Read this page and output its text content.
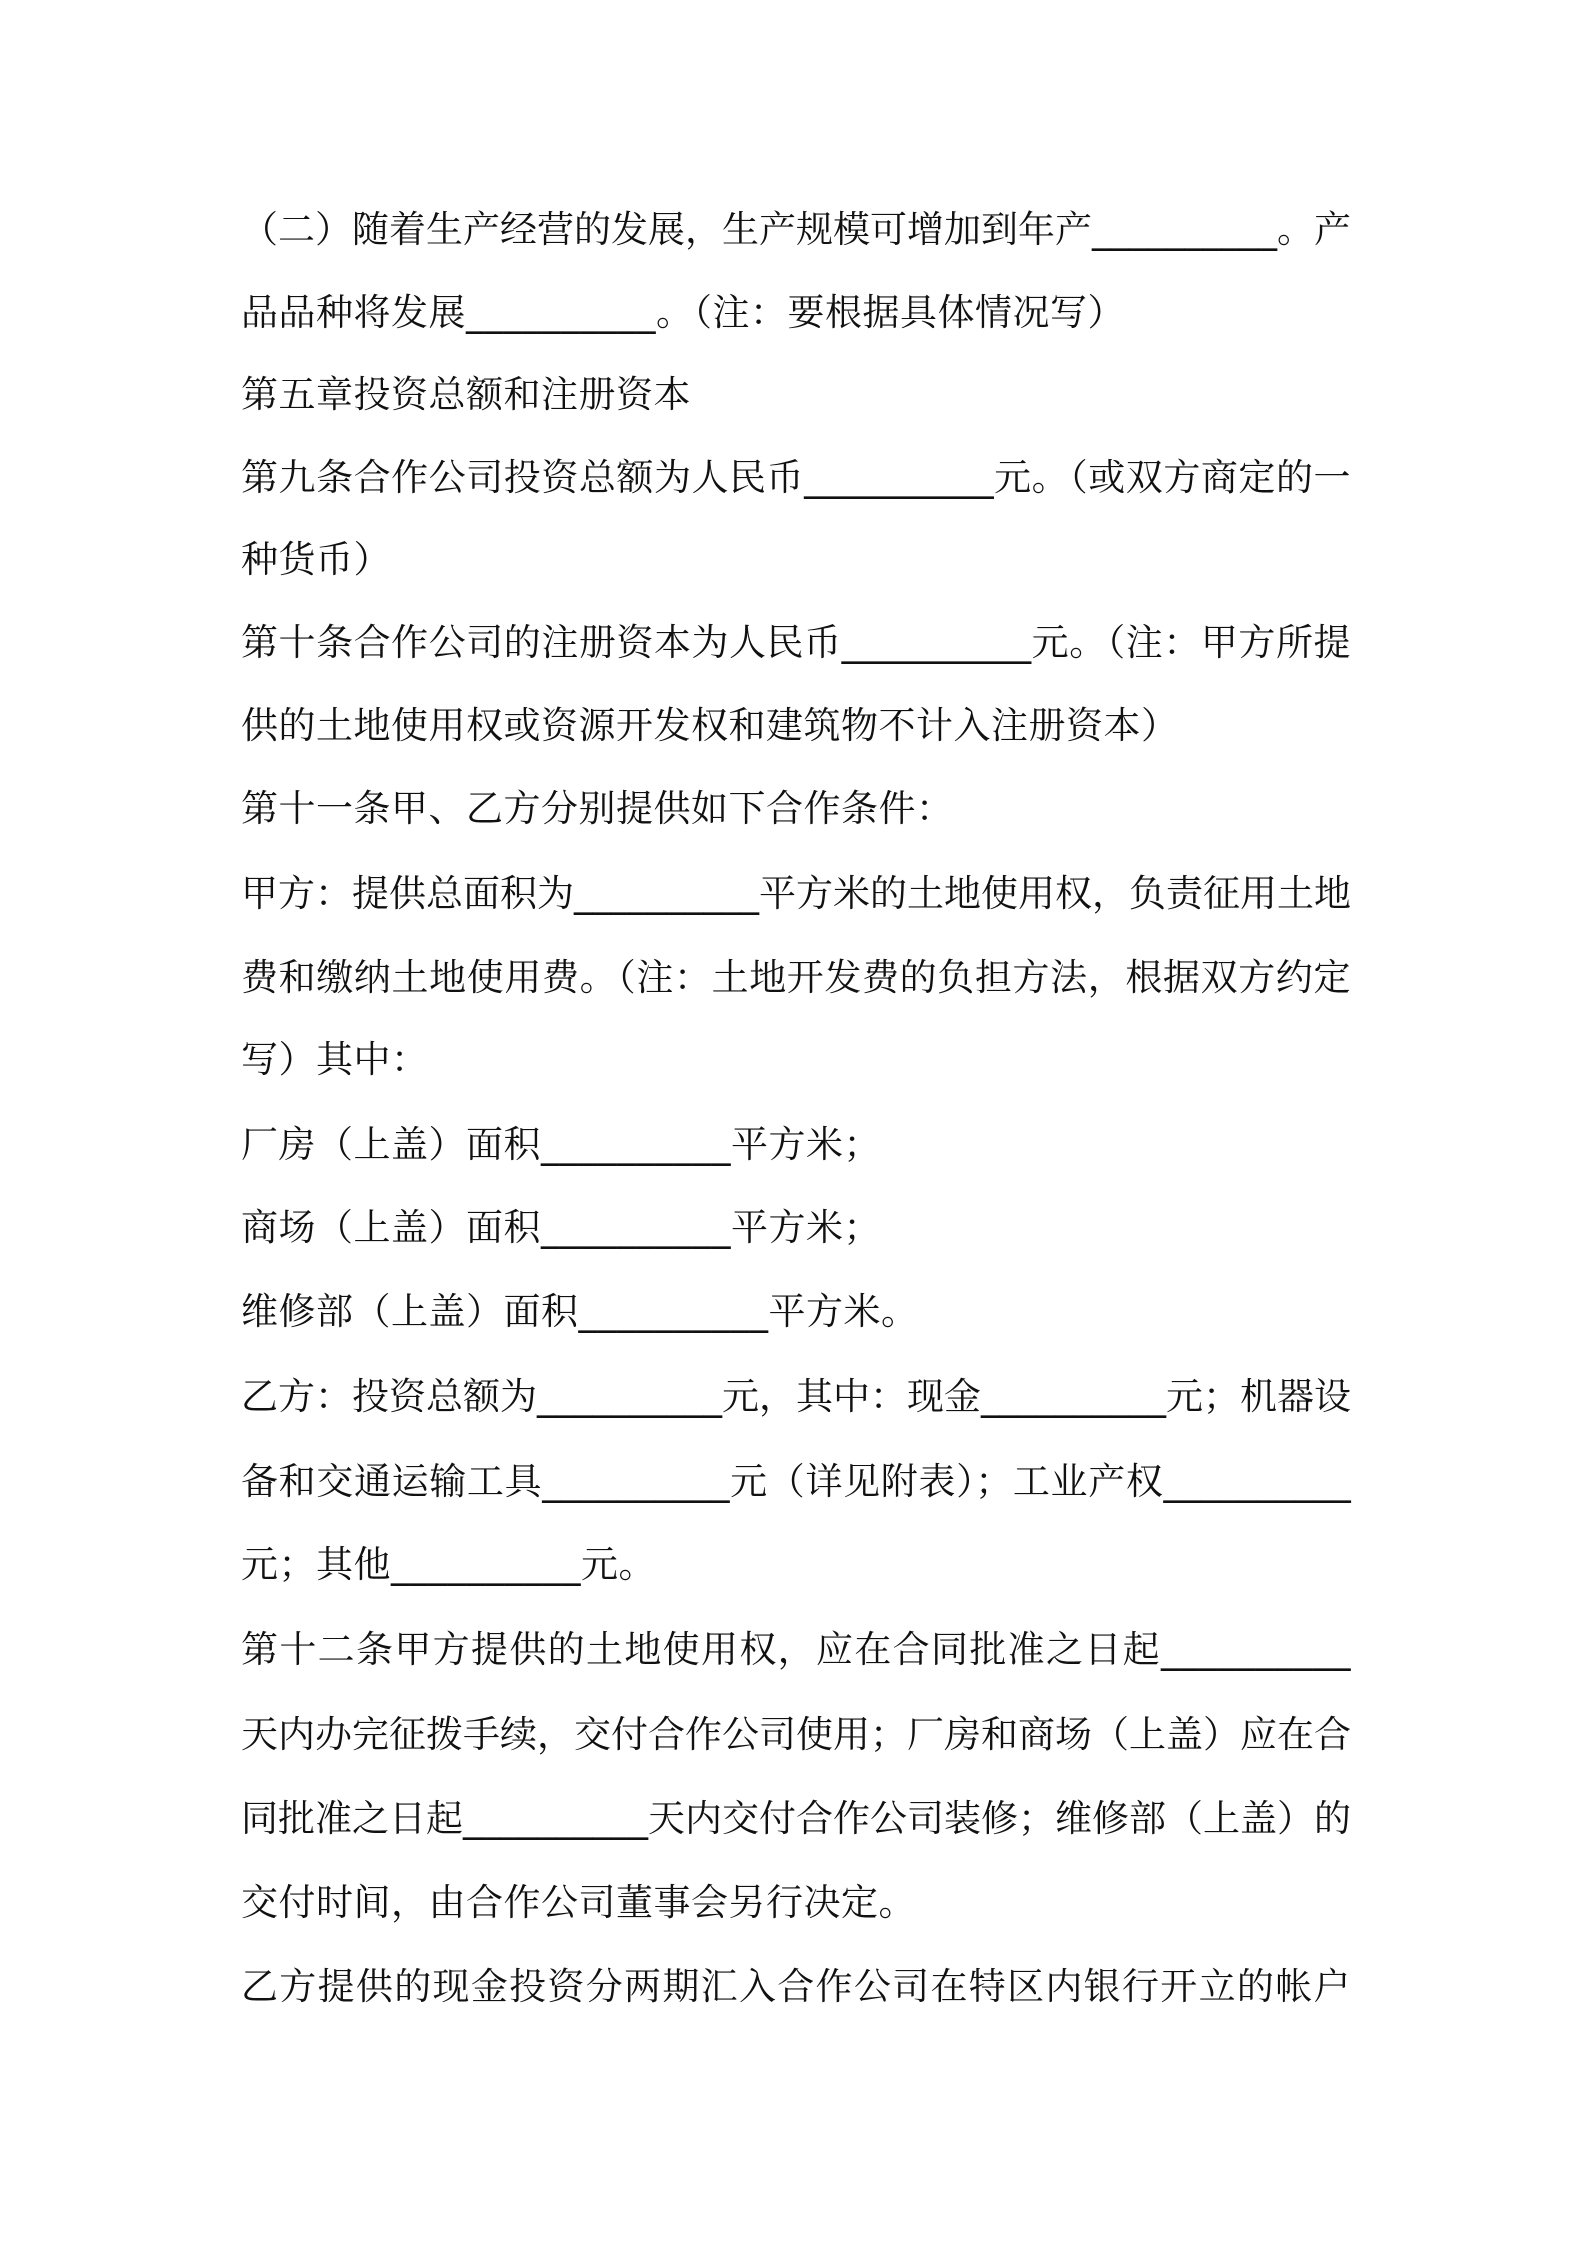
（二）随着生产经营的发展，生产规模可增加到年产__________。产
品品种将发展__________。（注：要根据具体情况写）
第五章投资总额和注册资本
第九条合作公司投资总额为人民币__________元。（或双方商定的一
种货币）
第十条合作公司的注册资本为人民币__________元。（注：甲方所提
供的土地使用权或资源开发权和建筑物不计入注册资本）
第十一条甲、乙方分别提供如下合作条件：
甲方：提供总面积为__________平方米的土地使用权，负责征用土地
费和缴纳土地使用费。（注：土地开发费的负担方法，根据双方约定
写）其中：
厂房（上盖）面积__________平方米；
商场（上盖）面积__________平方米；
维修部（上盖）面积__________平方米。
乙方：投资总额为__________元，其中：现金__________元；机器设
备和交通运输工具__________元（详见附表）；工业产权__________
元；其他__________元。
第十二条甲方提供的土地使用权，应在合同批准之日起__________
天内办完征拨手续，交付合作公司使用；厂房和商场（上盖）应在合
同批准之日起__________天内交付合作公司装修；维修部（上盖）的
交付时间，由合作公司董事会另行决定。
乙方提供的现金投资分两期汇入合作公司在特区内银行开立的帐户
